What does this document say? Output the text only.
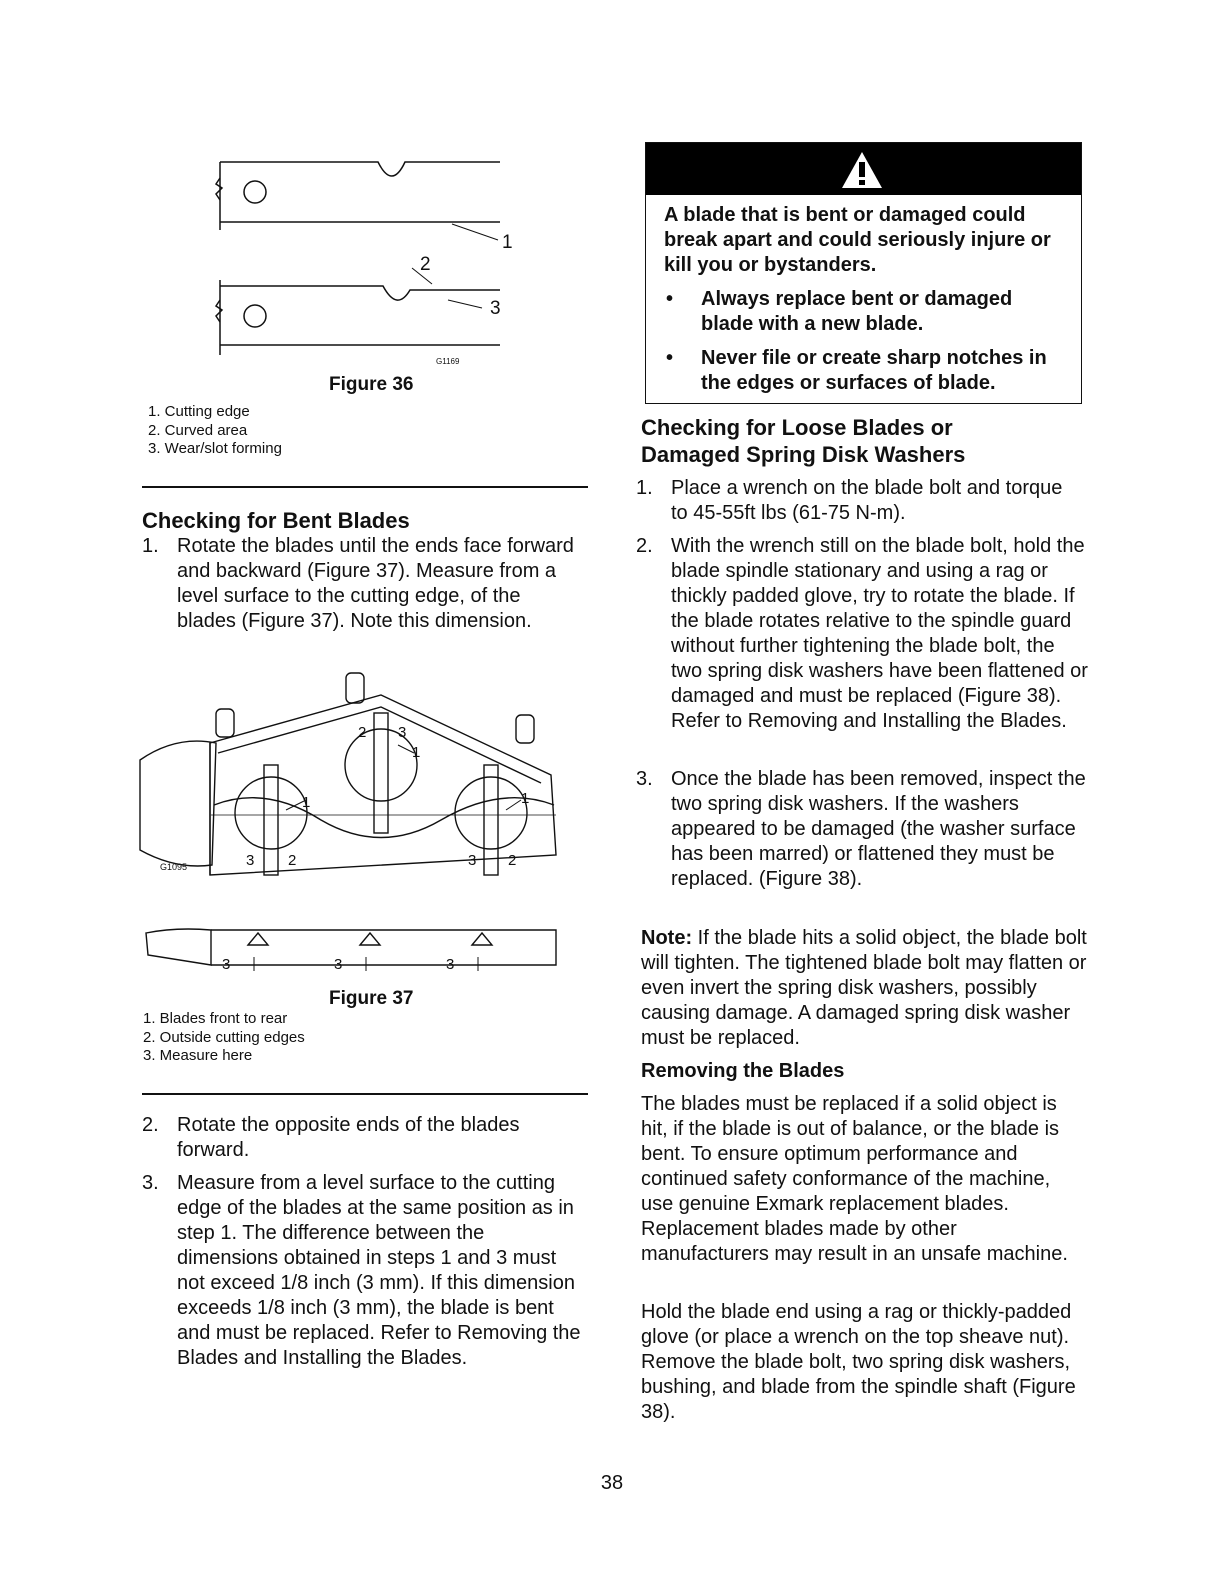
1
2
3
G1169
Figure 36
1. Cutting edge
2. Curved area
3. Wear/slot forming
Checking for Bent Blades
1. Rotate the blades until the ends face forward and backward (Figure 37). Measure from a level surface to the cutting edge, of the blades (Figure 37). Note this dimension.
2 3
1
1	1
3 2	3 2
3	3	3
G1095
Figure 37
1. Blades front to rear
2. Outside cutting edges
3. Measure here
2. Rotate the opposite ends of the blades forward.
3. Measure from a level surface to the cutting edge of the blades at the same position as in step 1. The difference between the dimensions obtained in steps 1 and 3 must not exceed 1/8 inch (3 mm). If this dimension exceeds 1/8 inch (3 mm), the blade is bent and must be replaced. Refer to Removing the Blades and Installing the Blades.
A blade that is bent or damaged could break apart and could seriously injure or kill you or bystanders.
• Always replace bent or damaged blade with a new blade.
• Never file or create sharp notches in the edges or surfaces of blade.
Checking for Loose Blades or
Damaged Spring Disk Washers
1. Place a wrench on the blade bolt and torque to 45-55ft lbs (61-75 N-m).
2. With the wrench still on the blade bolt, hold the blade spindle stationary and using a rag or thickly padded glove, try to rotate the blade. If the blade rotates relative to the spindle guard without further tightening the blade bolt, the two spring disk washers have been flattened or damaged and must be replaced (Figure 38). Refer to Removing and Installing the Blades.
3. Once the blade has been removed, inspect the two spring disk washers. If the washers appeared to be damaged (the washer surface has been marred) or flattened they must be replaced. (Figure 38).
Note: If the blade hits a solid object, the blade bolt will tighten. The tightened blade bolt may flatten or even invert the spring disk washers, possibly causing damage. A damaged spring disk washer must be replaced.
Removing the Blades
The blades must be replaced if a solid object is hit, if the blade is out of balance, or the blade is bent. To ensure optimum performance and continued safety conformance of the machine, use genuine Exmark replacement blades. Replacement blades made by other manufacturers may result in an unsafe machine.
Hold the blade end using a rag or thickly-padded glove (or place a wrench on the top sheave nut). Remove the blade bolt, two spring disk washers, bushing, and blade from the spindle shaft (Figure 38).
38
